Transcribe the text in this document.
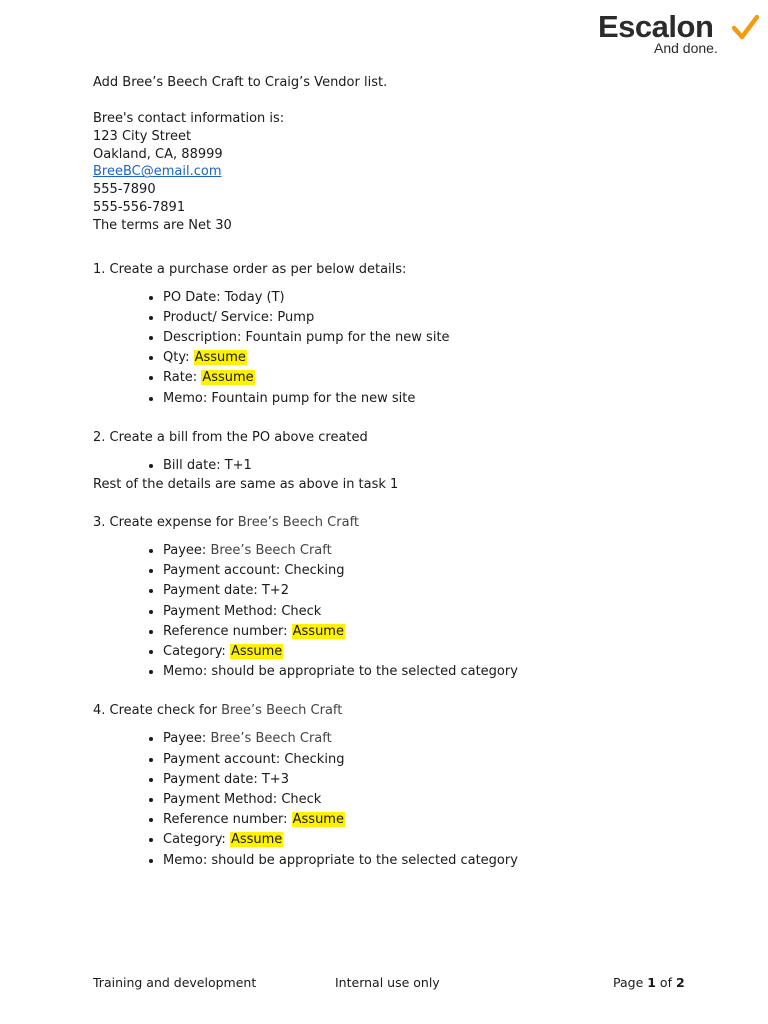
Escalon
And done.

Add Bree’s Beech Craft to Craig’s Vendor list.

Bree's contact information is:

123 City Street

Oakland, CA, 88999

BreeBC@email.com

555-7890

555-556-7891

The terms are Net 30

1. Create a purchase order as per below details:

• PO Date: Today (T)
• Product/ Service: Pump
• Description: Fountain pump for the new site
• Qty: Assume
• Rate: Assume
• Memo: Fountain pump for the new site

2. Create a bill from the PO above created

• Bill date: T+1

Rest of the details are same as above in task 1

3. Create expense for Bree’s Beech Craft

• Payee: Bree’s Beech Craft
• Payment account: Checking
• Payment date: T+2
• Payment Method: Check
• Reference number: Assume
• Category: Assume
• Memo: should be appropriate to the selected category

4. Create check for Bree’s Beech Craft

• Payee: Bree’s Beech Craft
• Payment account: Checking
• Payment date: T+3
• Payment Method: Check
• Reference number: Assume
• Category: Assume
• Memo: should be appropriate to the selected category
Training and development	Internal use only	Page 1 of 2
